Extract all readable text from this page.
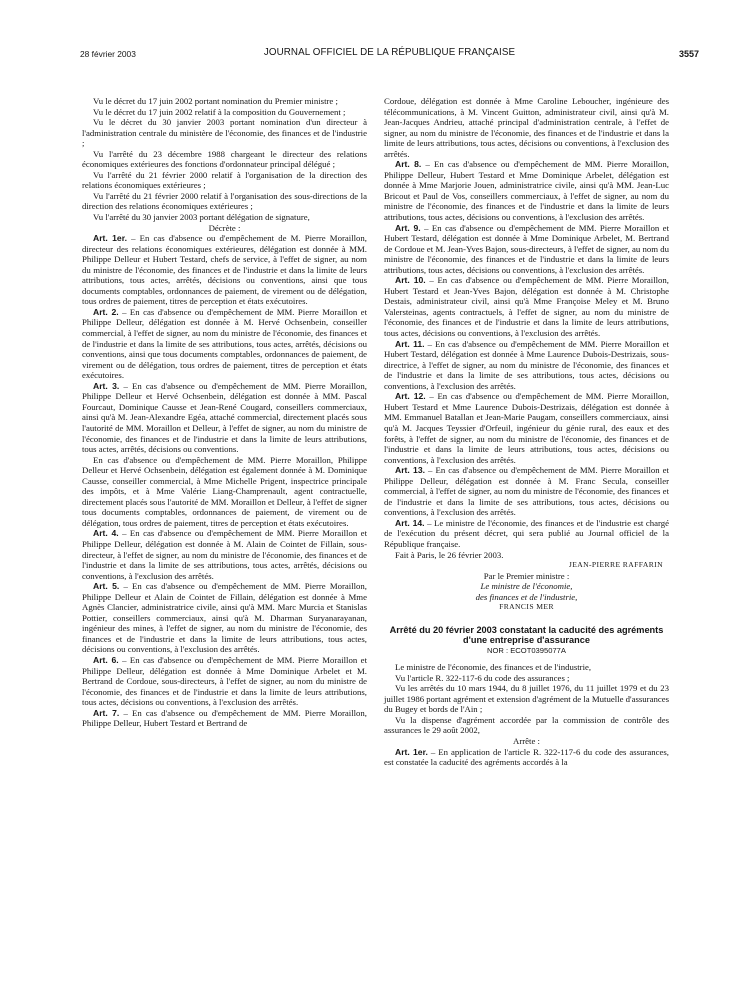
28 février 2003	JOURNAL OFFICIEL DE LA RÉPUBLIQUE FRANÇAISE	3557

Vu le décret du 17 juin 2002 portant nomination du Premier ministre ;

Vu le décret du 17 juin 2002 relatif à la composition du Gouvernement ;

Vu le décret du 30 janvier 2003 portant nomination d'un directeur à l'administration centrale du ministère de l'économie, des finances et de l'industrie ;

Vu l'arrêté du 23 décembre 1988 chargeant le directeur des relations économiques extérieures des fonctions d'ordonnateur principal délégué ;

Vu l'arrêté du 21 février 2000 relatif à l'organisation de la direction des relations économiques extérieures ;

Vu l'arrêté du 21 février 2000 relatif à l'organisation des sous-directions de la direction des relations économiques extérieures ;

Vu l'arrêté du 30 janvier 2003 portant délégation de signature,

Décrète :

Art. 1er. – En cas d'absence ou d'empêchement de M. Pierre Moraillon, directeur des relations économiques extérieures, délégation est donnée à MM. Philippe Delleur et Hubert Testard, chefs de service, à l'effet de signer, au nom du ministre de l'économie, des finances et de l'industrie et dans la limite de leurs attributions, tous actes, arrêtés, décisions ou conventions, ainsi que tous documents comptables, ordonnances de paiement, de virement ou de délégation, tous ordres de paiement, titres de perception et états exécutoires.

Art. 2. – En cas d'absence ou d'empêchement de MM. Pierre Moraillon et Philippe Delleur, délégation est donnée à M. Hervé Ochsenbein, conseiller commercial, à l'effet de signer, au nom du ministre de l'économie, des finances et de l'industrie et dans la limite de ses attributions, tous actes, arrêtés, décisions ou conventions, ainsi que tous documents comptables, ordonnances de paiement, de virement ou de délégation, tous ordres de paiement, titres de perception et états exécutoires.

Art. 3. – En cas d'absence ou d'empêchement de MM. Pierre Moraillon, Philippe Delleur et Hervé Ochsenbein, délégation est donnée à MM. Pascal Fourcaut, Dominique Causse et Jean-René Cougard, conseillers commerciaux, ainsi qu'à M. Jean-Alexandre Egéa, attaché commercial, directement placés sous l'autorité de MM. Moraillon et Delleur, à l'effet de signer, au nom du ministre de l'économie, des finances et de l'industrie et dans la limite de leurs attributions, tous actes, arrêtés, décisions ou conventions.

En cas d'absence ou d'empêchement de MM. Pierre Moraillon, Philippe Delleur et Hervé Ochsenbein, délégation est également donnée à M. Dominique Causse, conseiller commercial, à Mme Michelle Prigent, inspectrice principale des impôts, et à Mme Valérie Liang-Champrenault, agent contractuelle, directement placés sous l'autorité de MM. Moraillon et Delleur, à l'effet de signer tous documents comptables, ordonnances de paiement, de virement ou de délégation, tous ordres de paiement, titres de perception et états exécutoires.

Art. 4. – En cas d'absence ou d'empêchement de MM. Pierre Moraillon et Philippe Delleur, délégation est donnée à M. Alain de Cointet de Fillain, sous-directeur, à l'effet de signer, au nom du ministre de l'économie, des finances et de l'industrie et dans la limite de ses attributions, tous actes, arrêtés, décisions ou conventions, à l'exclusion des arrêtés.

Art. 5. – En cas d'absence ou d'empêchement de MM. Pierre Moraillon, Philippe Delleur et Alain de Cointet de Fillain, délégation est donnée à Mme Agnès Clancier, administratrice civile, ainsi qu'à MM. Marc Murcia et Stanislas Pottier, conseillers commerciaux, ainsi qu'à M. Dharman Suryanarayanan, ingénieur des mines, à l'effet de signer, au nom du ministre de l'économie, des finances et de l'industrie et dans la limite de leurs attributions, tous actes, décisions ou conventions, à l'exclusion des arrêtés.

Art. 6. – En cas d'absence ou d'empêchement de MM. Pierre Moraillon et Philippe Delleur, délégation est donnée à Mme Dominique Arbelet et M. Bertrand de Cordoue, sous-directeurs, à l'effet de signer, au nom du ministre de l'économie, des finances et de l'industrie et dans la limite de leurs attributions, tous actes, décisions ou conventions, à l'exclusion des arrêtés.

Art. 7. – En cas d'absence ou d'empêchement de MM. Pierre Moraillon, Philippe Delleur, Hubert Testard et Bertrand de

Cordoue, délégation est donnée à Mme Caroline Leboucher, ingénieure des télécommunications, à M. Vincent Guitton, administrateur civil, ainsi qu'à M. Jean-Jacques Andrieu, attaché principal d'administration centrale, à l'effet de signer, au nom du ministre de l'économie, des finances et de l'industrie et dans la limite de leurs attributions, tous actes, décisions ou conventions, à l'exclusion des arrêtés.

Art. 8. – En cas d'absence ou d'empêchement de MM. Pierre Moraillon, Philippe Delleur, Hubert Testard et Mme Dominique Arbelet, délégation est donnée à Mme Marjorie Jouen, administratrice civile, ainsi qu'à MM. Jean-Luc Bricout et Paul de Vos, conseillers commerciaux, à l'effet de signer, au nom du ministre de l'économie, des finances et de l'industrie et dans la limite de leurs attributions, tous actes, décisions ou conventions, à l'exclusion des arrêtés.

Art. 9. – En cas d'absence ou d'empêchement de MM. Pierre Moraillon et Hubert Testard, délégation est donnée à Mme Dominique Arbelet, M. Bertrand de Cordoue et M. Jean-Yves Bajon, sous-directeurs, à l'effet de signer, au nom du ministre de l'économie, des finances et de l'industrie et dans la limite de leurs attributions, tous actes, décisions ou conventions, à l'exclusion des arrêtés.

Art. 10. – En cas d'absence ou d'empêchement de MM. Pierre Moraillon, Hubert Testard et Jean-Yves Bajon, délégation est donnée à M. Christophe Destais, administrateur civil, ainsi qu'à Mme Françoise Meley et M. Bruno Valersteinas, agents contractuels, à l'effet de signer, au nom du ministre de l'économie, des finances et de l'industrie et dans la limite de leurs attributions, tous actes, décisions ou conventions, à l'exclusion des arrêtés.

Art. 11. – En cas d'absence ou d'empêchement de MM. Pierre Moraillon et Hubert Testard, délégation est donnée à Mme Laurence Dubois-Destrizais, sous-directrice, à l'effet de signer, au nom du ministre de l'économie, des finances et de l'industrie et dans la limite de ses attributions, tous actes, décisions ou conventions, à l'exclusion des arrêtés.

Art. 12. – En cas d'absence ou d'empêchement de MM. Pierre Moraillon, Hubert Testard et Mme Laurence Dubois-Destrizais, délégation est donnée à MM. Emmanuel Batallan et Jean-Marie Paugam, conseillers commerciaux, ainsi qu'à M. Jacques Teyssier d'Orfeuil, ingénieur du génie rural, des eaux et des forêts, à l'effet de signer, au nom du ministre de l'économie, des finances et de l'industrie et dans la limite de leurs attributions, tous actes, décisions ou conventions, à l'exclusion des arrêtés.

Art. 13. – En cas d'absence ou d'empêchement de MM. Pierre Moraillon et Philippe Delleur, délégation est donnée à M. Franc Secula, conseiller commercial, à l'effet de signer, au nom du ministre de l'économie, des finances et de l'industrie et dans la limite de ses attributions, tous actes, décisions ou conventions, à l'exclusion des arrêtés.

Art. 14. – Le ministre de l'économie, des finances et de l'industrie est chargé de l'exécution du présent décret, qui sera publié au Journal officiel de la République française.

Fait à Paris, le 26 février 2003.

JEAN-PIERRE RAFFARIN

Par le Premier ministre :

Le ministre de l'économie,

des finances et de l'industrie,

FRANCIS MER

Arrêté du 20 février 2003 constatant la caducité des agréments d'une entreprise d'assurance

NOR : ECOT0395077A

Le ministre de l'économie, des finances et de l'industrie,

Vu l'article R. 322-117-6 du code des assurances ;

Vu les arrêtés du 10 mars 1944, du 8 juillet 1976, du 11 juillet 1979 et du 23 juillet 1986 portant agrément et extension d'agrément de la Mutuelle d'assurances du Bugey et bords de l'Ain ;

Vu la dispense d'agrément accordée par la commission de contrôle des assurances le 29 août 2002,

Arrête :

Art. 1er. – En application de l'article R. 322-117-6 du code des assurances, est constatée la caducité des agréments accordés à la
